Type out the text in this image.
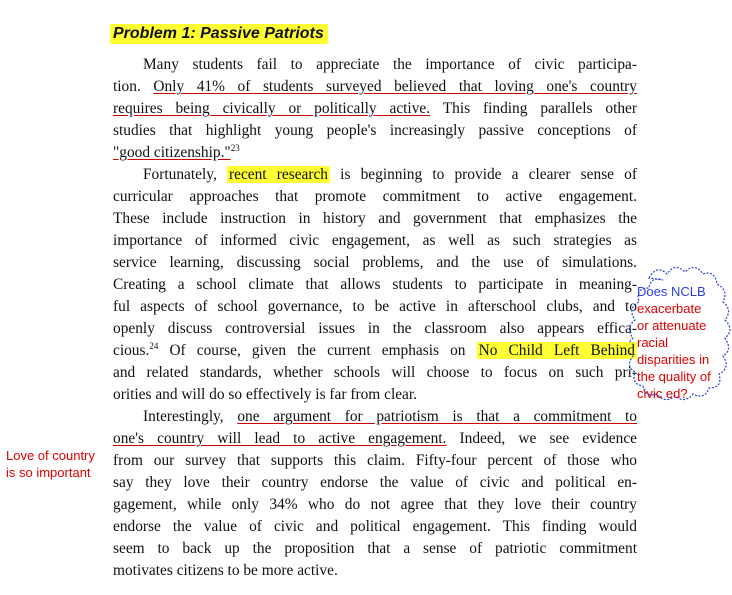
Problem 1: Passive Patriots
Many students fail to appreciate the importance of civic participa-
tion. Only 41% of students surveyed believed that loving one's country
requires being civically or politically active. This finding parallels other
studies that highlight young people's increasingly passive conceptions of
"good citizenship."$^{23}$
Fortunately, recent research is beginning to provide a clearer sense of
curricular approaches that promote commitment to active engagement.
These include instruction in history and government that emphasizes the
importance of informed civic engagement, as well as such strategies as
service learning, discussing social problems, and the use of simulations.
Creating a school climate that allows students to participate in meaning-
ful aspects of school governance, to be active in afterschool clubs, and to
openly discuss controversial issues in the classroom also appears effica-
cious.$^{24}$ Of course, given the current emphasis on No Child Left Behind
and related standards, whether schools will choose to focus on such pri-
orities and will do so effectively is far from clear.
Interestingly, one argument for patriotism is that a commitment to
one's country will lead to active engagement. Indeed, we see evidence
from our survey that supports this claim. Fifty-four percent of those who
say they love their country endorse the value of civic and political en-
gagement, while only 34% who do not agree that they love their country
endorse the value of civic and political engagement. This finding would
seem to back up the proposition that a sense of patriotic commitment
motivates citizens to be more active.
Love of country
is so important
Does NCLB
exacerbate
or attenuate
racial
disparities in
the quality of
civic ed?
